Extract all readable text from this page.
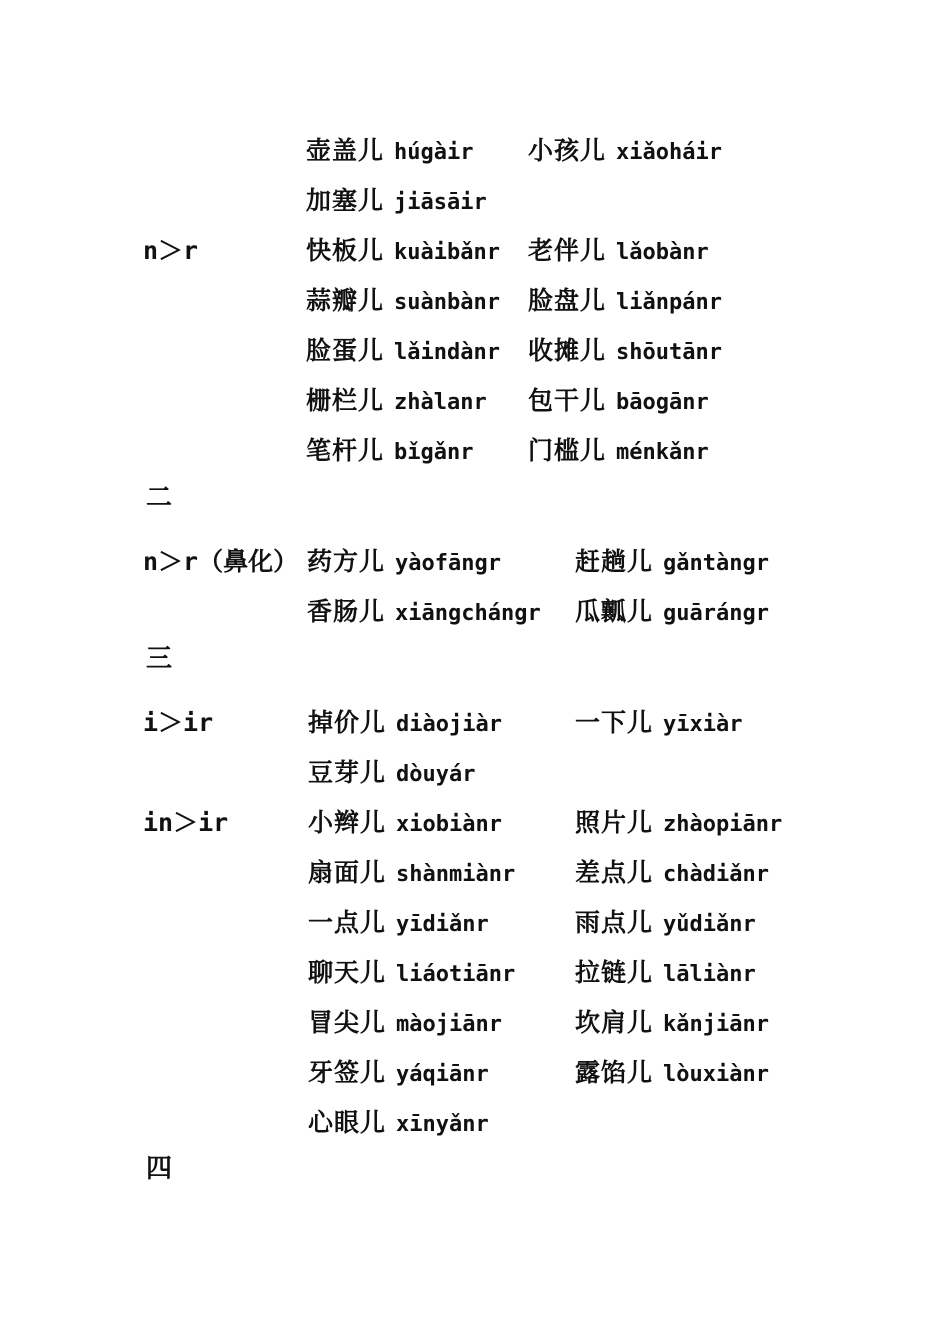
壶盖儿 húgàir 小孩儿 xiǎoháir
加塞儿 jiāsāir
n＞r	快板儿 kuàibǎnr 老伴儿 lǎobànr
蒜瓣儿 suànbànr 脸盘儿 liǎnpánr
脸蛋儿 lǎindànr 收摊儿 shōutānr
栅栏儿 zhàlanr 包干儿 bāogānr
笔杆儿 bǐgǎnr 门槛儿 ménkǎnr
二
n＞r（鼻化） 药方儿 yàofāngr	赶趟儿 gǎntàngr
香肠儿 xiāngchángr 瓜瓤儿 guārángr
三
i＞ir	掉价儿 diàojiàr	一下儿 yīxiàr
豆芽儿 dòuyár
in＞ir	小辫儿 xiobiànr	照片儿 zhàopiānr
扇面儿 shànmiànr 差点儿 chàdiǎnr
一点儿 yīdiǎnr	雨点儿 yǔdiǎnr
聊天儿 liáotiānr 拉链儿 lāliànr
冒尖儿 màojiānr	坎肩儿 kǎnjiānr
牙签儿 yáqiānr	露馅儿 lòuxiànr
心眼儿 xīnyǎnr
四
